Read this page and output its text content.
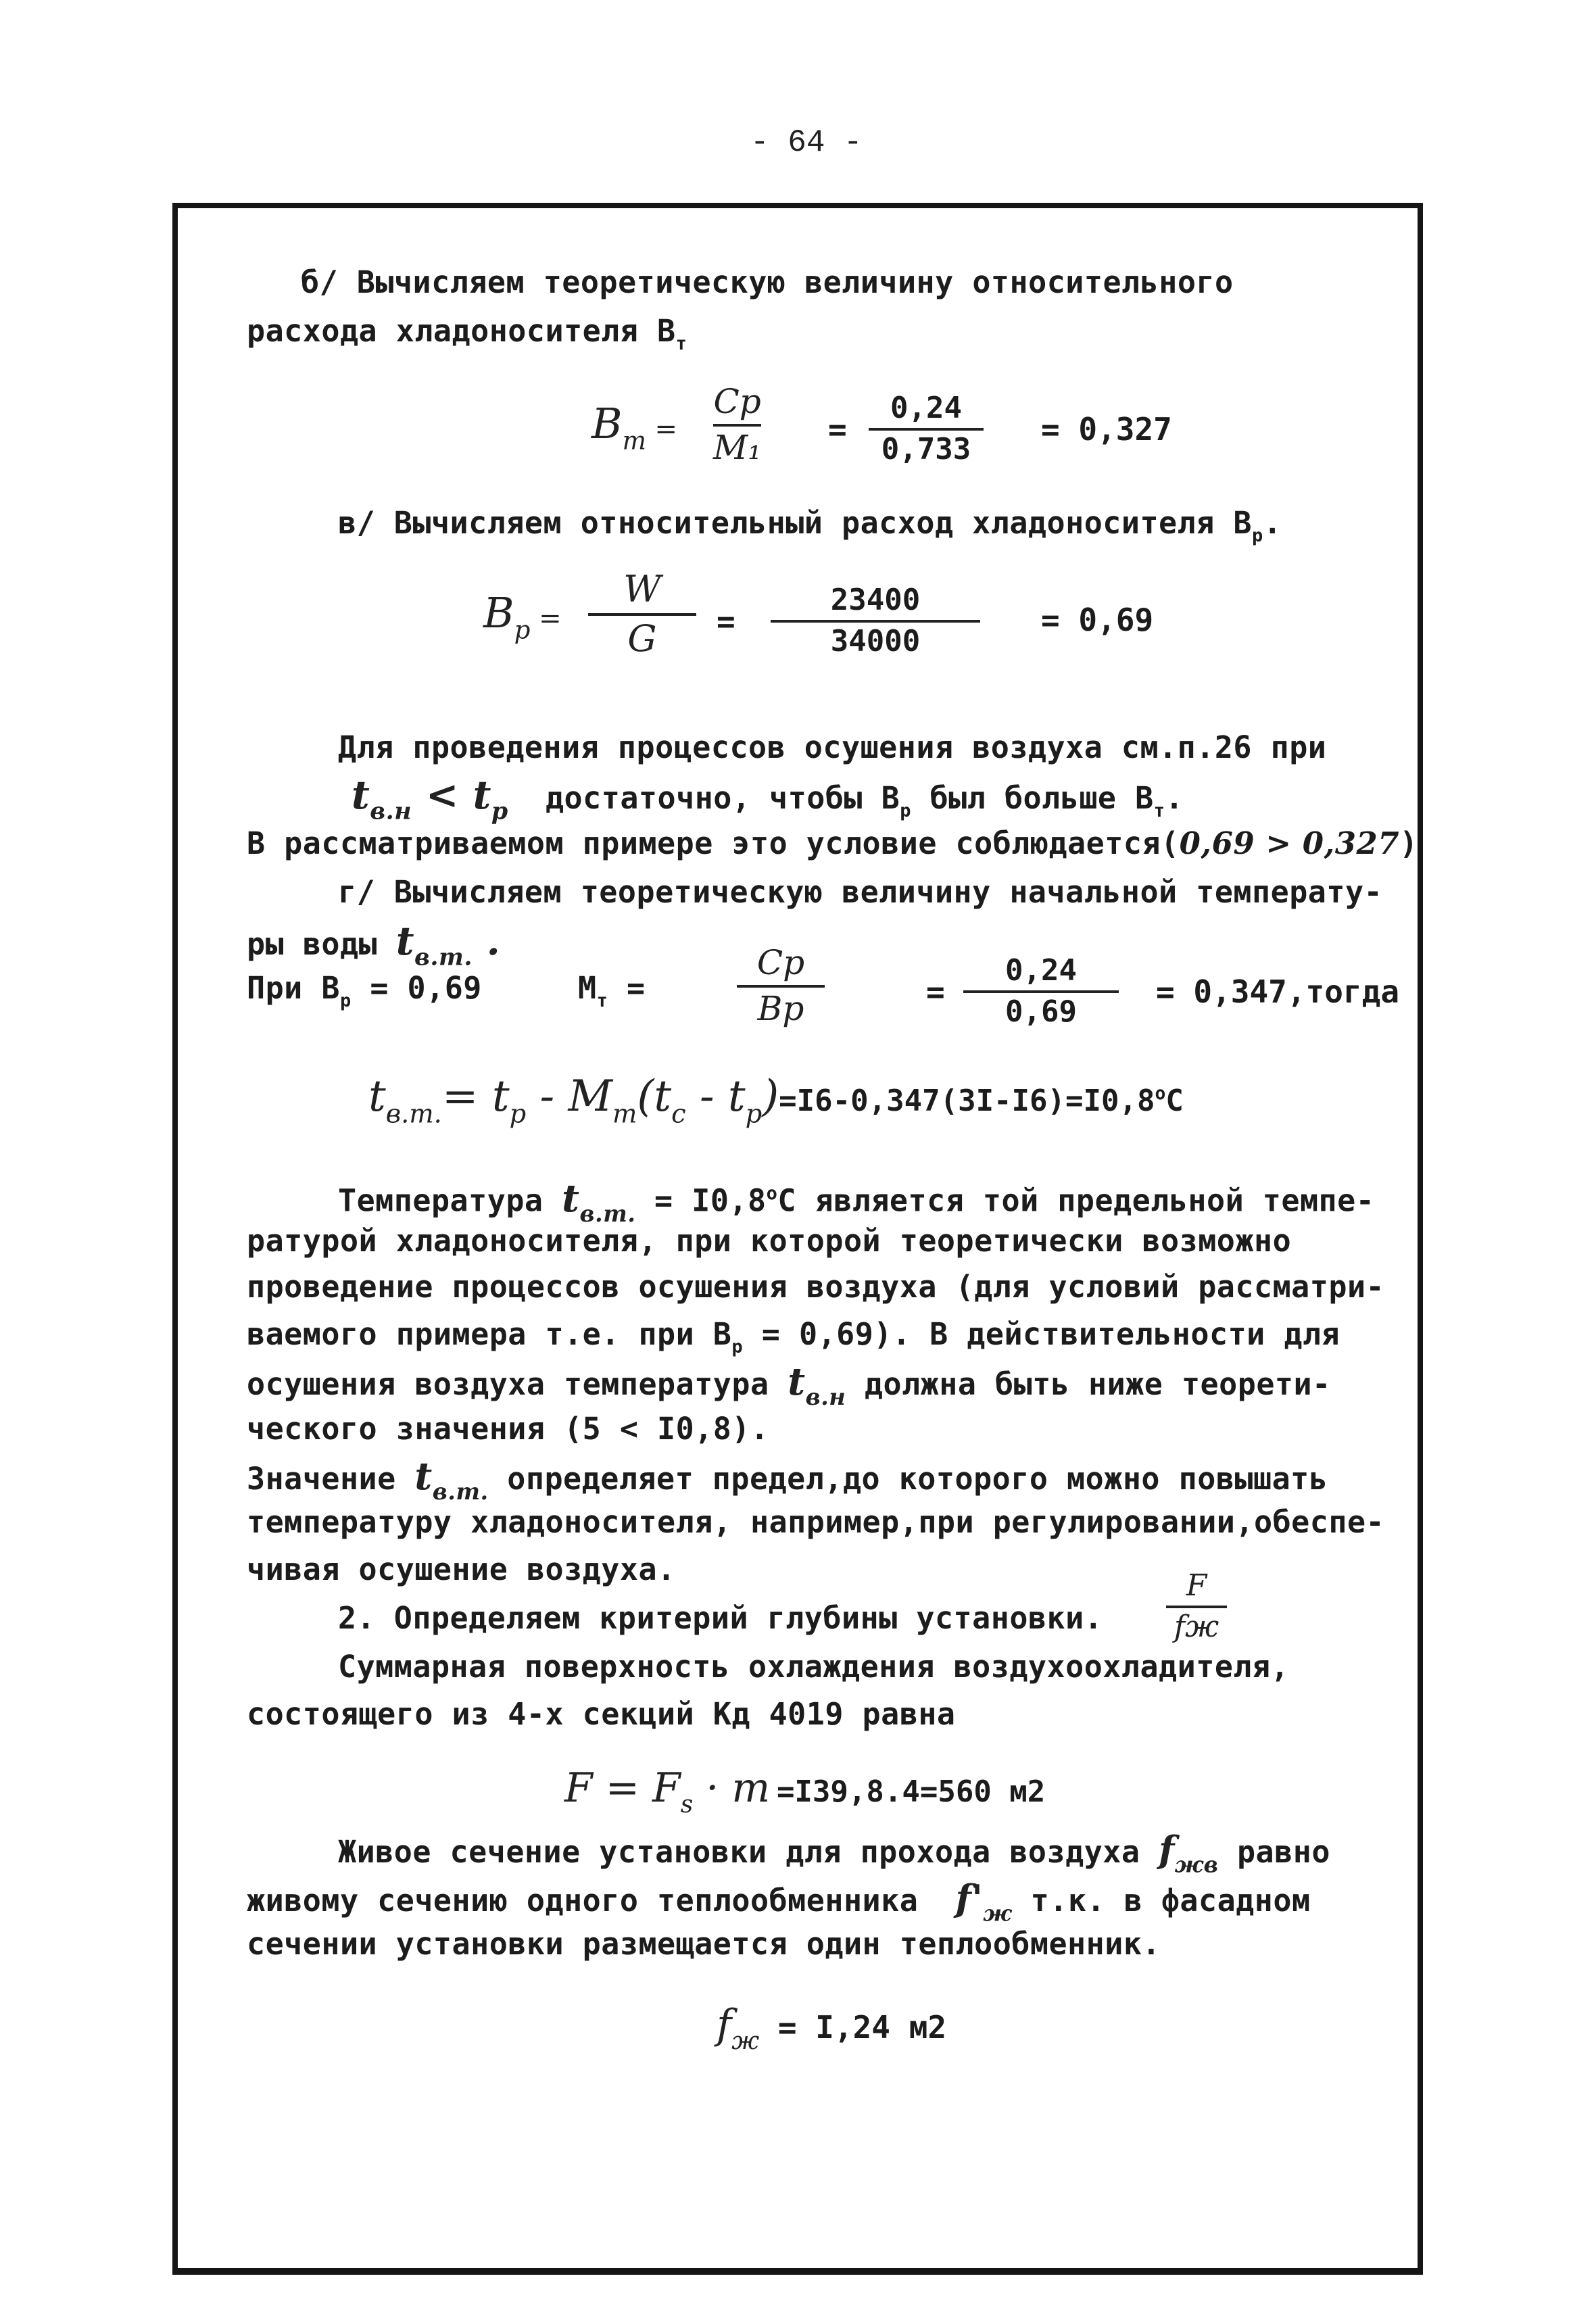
- 64 -
б/ Вычисляем теоретическую величину относительного
расхода хладоносителя $В_т$
$B_т$ =
Cp
M₁ =
0,24
0,733
= 0,327
в/ Вычисляем относительный расход хладоносителя $В_р$.
$B_p$ =
W
G =
23400
34000
= 0,69
Для проведения процессов осушения воздуха см.п.26 при
$t_{в.н} < t_p$ достаточно, чтобы $В_р$ был больше $В_т$.
В рассматриваемом примере это условие соблюдается(0,69 > 0,327)
г/ Вычисляем теоретическую величину начальной температу-
ры воды $t_{в.т.}$ .
При $В_р = 0,69$	$М_т$ =
Cp
Bp	=
0,24
0,69
= 0,347,тогда
$t_{в.т.}= t_p - M_т(t_c - t_p)=I6-0,347(3I-I6)=I0,8^оС$
Температура $t_{в.т.} = I0,8^оС$ является той предельной темпе-
ратурой хладоносителя, при которой теоретически возможно
проведение процессов осушения воздуха (для условий рассматри-
ваемого примера т.е. при $В_р = 0,69$). В действительности для
осушения воздуха температура $t_{в.н}$ должна быть ниже теорети-
ческого значения (5 < I0,8).
Значение $t_{в.т.}$ определяет предел,до которого можно повышать
температуру хладоносителя, например,при регулировании,обеспе-
чивая осушение воздуха.
2. Определяем критерий глубины установки.
F
fж
Суммарная поверхность охлаждения воздухоохладителя,
состоящего из 4-х секций Кд 4019 равна
$F = F_s \cdot m =I39,8.4=560$ м2
Живое сечение установки для прохода воздуха $f_{жв}$ равно
живому сечению одного теплообменника $f'_ж$ т.к. в фасадном
сечении установки размещается один теплообменник.
$f_ж = I,24$ м2
